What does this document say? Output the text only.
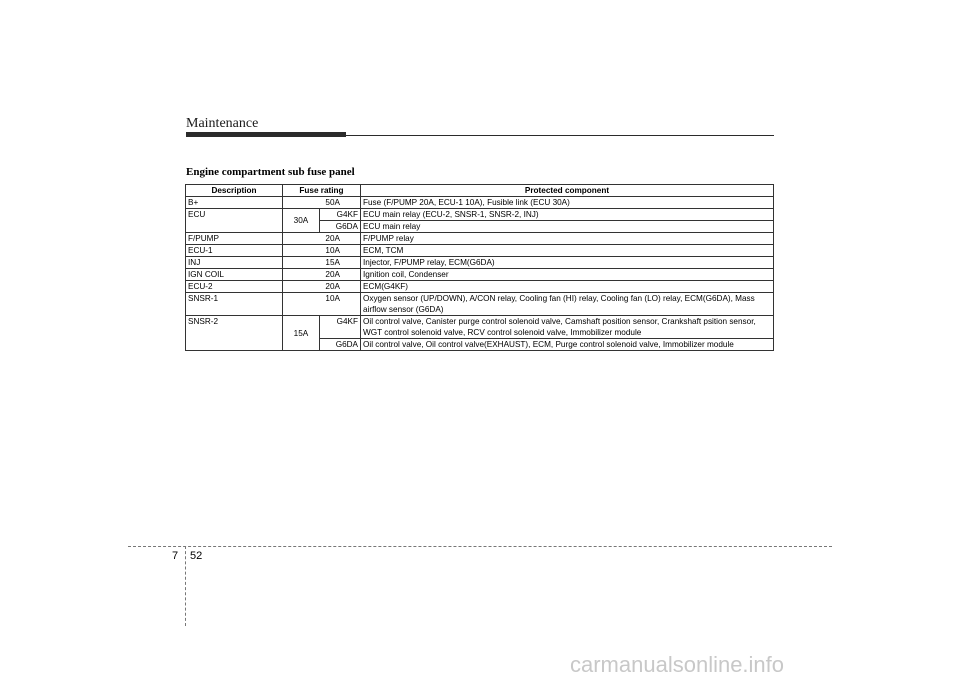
Maintenance
Engine compartment sub fuse panel
Description	Fuse rating		Protected component
B+	50A		Fuse (F/PUMP 20A, ECU-1 10A), Fusible link (ECU 30A)
ECU	30A	G4KF	ECU main relay (ECU-2, SNSR-1, SNSR-2, INJ)
		G6DA	ECU main relay
F/PUMP	20A		F/PUMP relay
ECU-1	10A		ECM, TCM
INJ	15A		Injector, F/PUMP relay, ECM(G6DA)
IGN COIL	20A		Ignition coil, Condenser
ECU-2	20A		ECM(G4KF)
SNSR-1	10A		Oxygen sensor (UP/DOWN), A/CON relay, Cooling fan (HI) relay, Cooling fan (LO) relay, ECM(G6DA), Mass airflow sensor (G6DA)
SNSR-2	15A	G4KF	Oil control valve, Canister purge control solenoid valve, Camshaft position sensor, Crankshaft psition sensor, WGT control solenoid valve, RCV control solenoid valve, Immobilizer module
		G6DA	Oil control valve, Oil control valve(EXHAUST), ECM, Purge control solenoid valve, Immobilizer module
7 52
carmanualsonline.info
